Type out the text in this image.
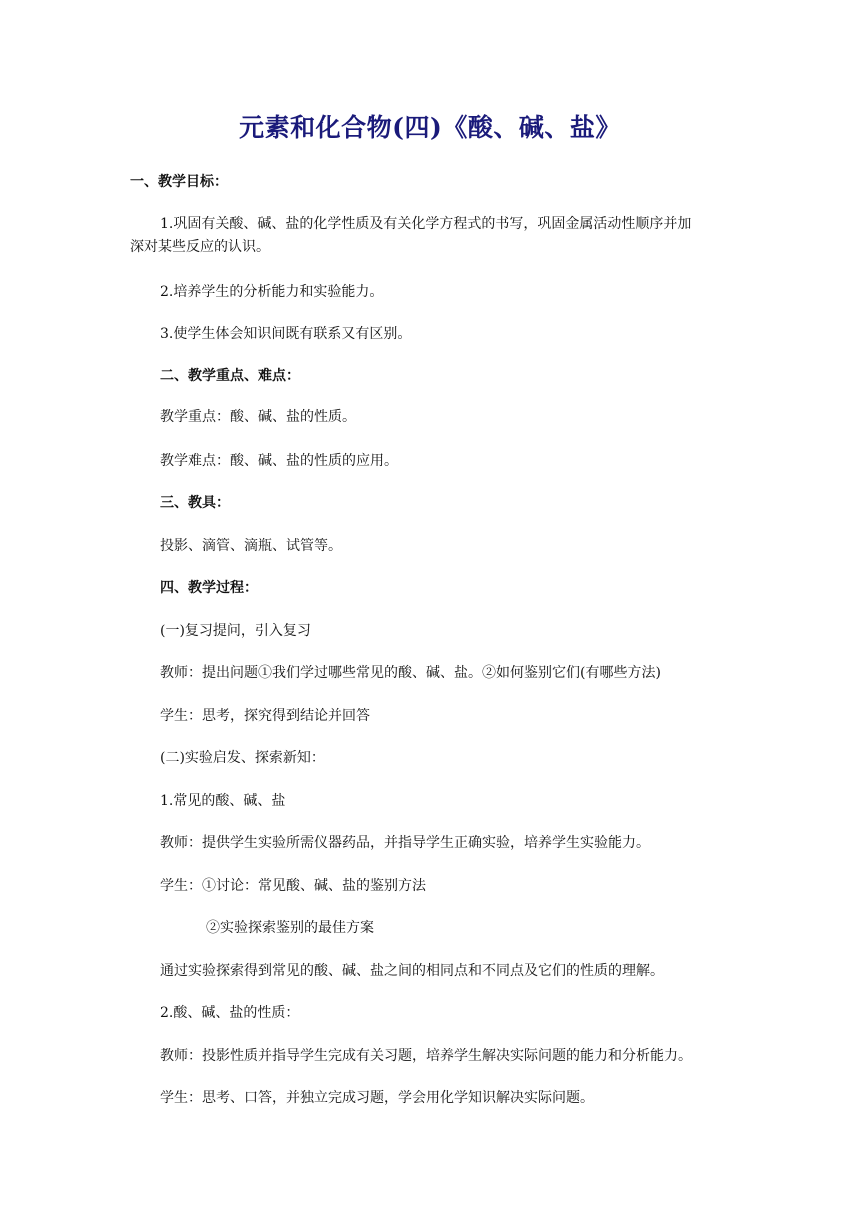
元素和化合物(四)《酸、碱、盐》
一、教学目标：
1.巩固有关酸、碱、盐的化学性质及有关化学方程式的书写，巩固金属活动性顺序并加
深对某些反应的认识。
2.培养学生的分析能力和实验能力。
3.使学生体会知识间既有联系又有区别。
二、教学重点、难点：
教学重点：酸、碱、盐的性质。
教学难点：酸、碱、盐的性质的应用。
三、教具：
投影、滴管、滴瓶、试管等。
四、教学过程：
(一)复习提问，引入复习
教师：提出问题①我们学过哪些常见的酸、碱、盐。②如何鉴别它们(有哪些方法)
学生：思考，探究得到结论并回答
(二)实验启发、探索新知：
1.常见的酸、碱、盐
教师：提供学生实验所需仪器药品，并指导学生正确实验，培养学生实验能力。
学生：①讨论：常见酸、碱、盐的鉴别方法
②实验探索鉴别的最佳方案
通过实验探索得到常见的酸、碱、盐之间的相同点和不同点及它们的性质的理解。
2.酸、碱、盐的性质：
教师：投影性质并指导学生完成有关习题，培养学生解决实际问题的能力和分析能力。
学生：思考、口答，并独立完成习题，学会用化学知识解决实际问题。
